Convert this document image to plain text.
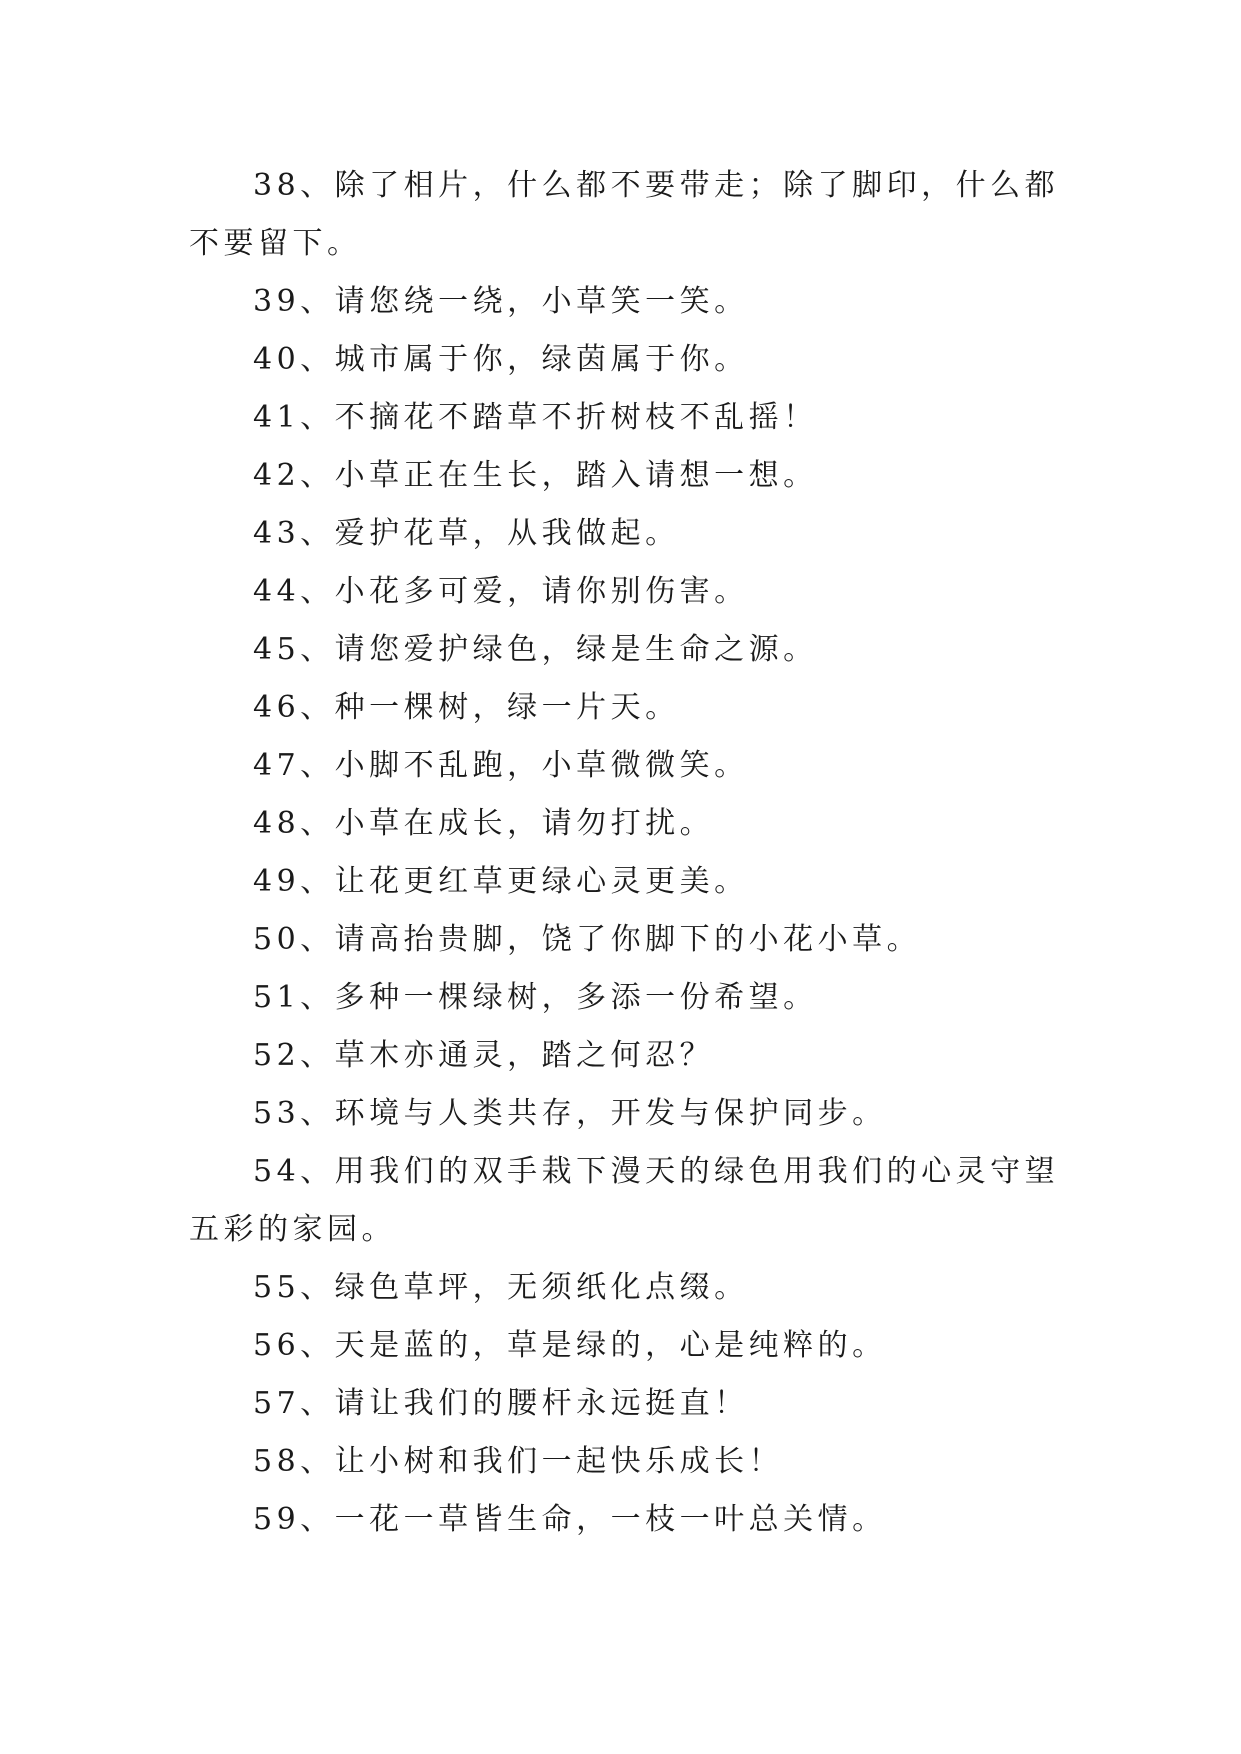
38、除了相片，什么都不要带走；除了脚印，什么都不要留下。

39、请您绕一绕，小草笑一笑。

40、城市属于你，绿茵属于你。

41、不摘花不踏草不折树枝不乱摇！

42、小草正在生长，踏入请想一想。

43、爱护花草，从我做起。

44、小花多可爱，请你别伤害。

45、请您爱护绿色，绿是生命之源。

46、种一棵树，绿一片天。

47、小脚不乱跑，小草微微笑。

48、小草在成长，请勿打扰。

49、让花更红草更绿心灵更美。

50、请高抬贵脚，饶了你脚下的小花小草。

51、多种一棵绿树，多添一份希望。

52、草木亦通灵，踏之何忍？

53、环境与人类共存，开发与保护同步。

54、用我们的双手栽下漫天的绿色用我们的心灵守望五彩的家园。

55、绿色草坪，无须纸化点缀。

56、天是蓝的，草是绿的，心是纯粹的。

57、请让我们的腰杆永远挺直！

58、让小树和我们一起快乐成长！

59、一花一草皆生命，一枝一叶总关情。
